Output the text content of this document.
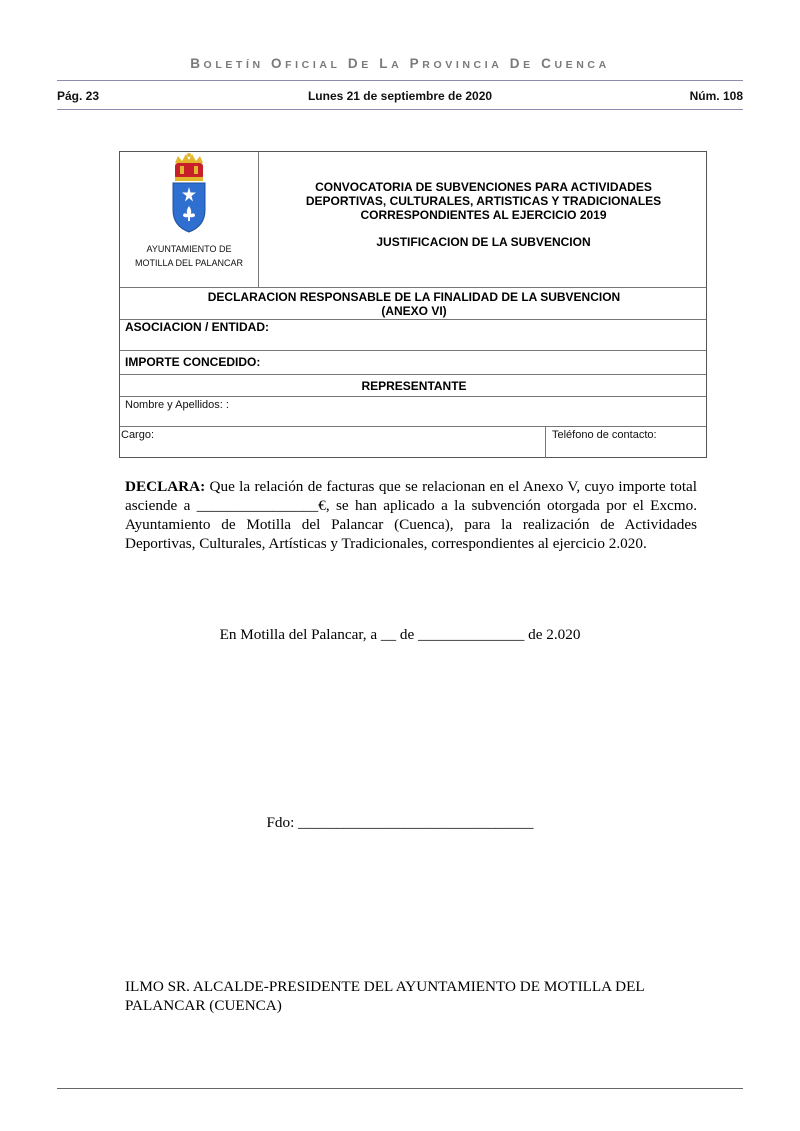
BOLETÍN OFICIAL DE LA PROVINCIA DE CUENCA
Pág. 23	Lunes 21 de septiembre de 2020	Núm. 108
AYUNTAMIENTO DE
MOTILLA DEL PALANCAR
CONVOCATORIA DE SUBVENCIONES PARA ACTIVIDADES
DEPORTIVAS, CULTURALES, ARTISTICAS Y TRADICIONALES
CORRESPONDIENTES AL EJERCICIO 2019
JUSTIFICACION DE LA SUBVENCION
DECLARACION RESPONSABLE DE LA FINALIDAD DE LA SUBVENCION
(ANEXO VI)
ASOCIACION / ENTIDAD:
IMPORTE CONCEDIDO:
REPRESENTANTE
Nombre y Apellidos: :
Cargo:	Teléfono de contacto:
DECLARA: Que la relación de facturas que se relacionan en el Anexo V, cuyo importe total asciende a ________________€, se han aplicado a la subvención otorgada por el Excmo. Ayuntamiento de Motilla del Palancar (Cuenca), para la realización de Actividades Deportivas, Culturales, Artísticas y Tradicionales, correspondientes al ejercicio 2.020.
En Motilla del Palancar, a __ de ______________ de 2.020
Fdo: _______________________________
ILMO SR. ALCALDE-PRESIDENTE DEL AYUNTAMIENTO DE MOTILLA DEL PALANCAR (CUENCA)
